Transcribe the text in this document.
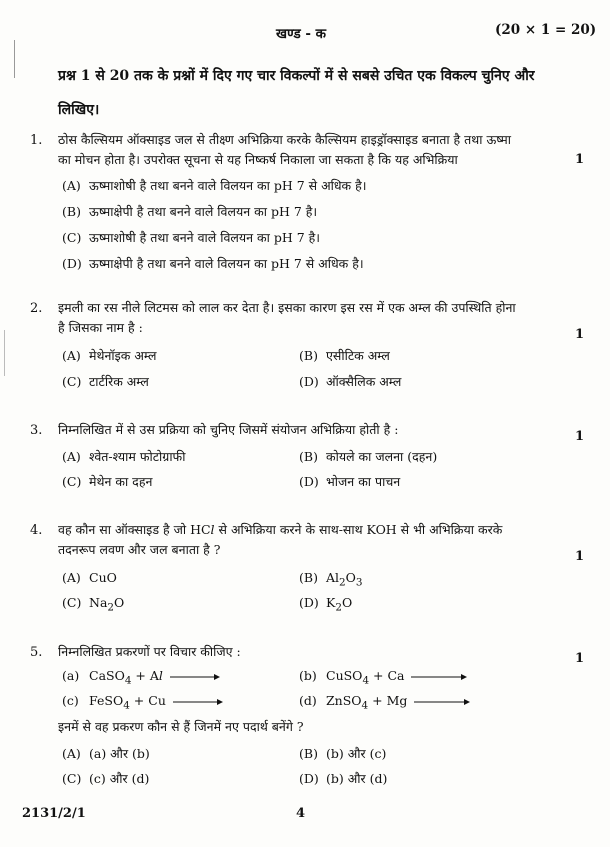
खण्ड - क	(20 × 1 = 20)
प्रश्न 1 से 20 तक के प्रश्नों में दिए गए चार विकल्पों में से सबसे उचित एक विकल्प चुनिए और
लिखिए।
1. ठोस कैल्सियम ऑक्साइड जल से तीक्ष्ण अभिक्रिया करके कैल्सियम हाइड्रॉक्साइड बनाता है तथा ऊष्मा
का मोचन होता है। उपरोक्त सूचना से यह निष्कर्ष निकाला जा सकता है कि यह अभिक्रिया	1
(A) ऊष्माशोषी है तथा बनने वाले विलयन का pH 7 से अधिक है।
(B) ऊष्माक्षेपी है तथा बनने वाले विलयन का pH 7 है।
(C) ऊष्माशोषी है तथा बनने वाले विलयन का pH 7 है।
(D) ऊष्माक्षेपी है तथा बनने वाले विलयन का pH 7 से अधिक है।
2. इमली का रस नीले लिटमस को लाल कर देता है। इसका कारण इस रस में एक अम्ल की उपस्थिति होना
है जिसका नाम है :	1
(A) मेथेनॉइक अम्ल	(B) एसीटिक अम्ल
(C) टार्टरिक अम्ल	(D) ऑक्सैलिक अम्ल
3. निम्नलिखित में से उस प्रक्रिया को चुनिए जिसमें संयोजन अभिक्रिया होती है :	1
(A) श्वेत-श्याम फोटोग्राफी	(B) कोयले का जलना (दहन)
(C) मेथेन का दहन	(D) भोजन का पाचन
4. वह कौन सा ऑक्साइड है जो HCl से अभिक्रिया करने के साथ-साथ KOH से भी अभिक्रिया करके
तदनरूप लवण और जल बनाता है ?	1
(A) CuO	(B) $Al_2O_3$
(C) $Na_2O$	(D) $K_2O$
5. निम्नलिखित प्रकरणों पर विचार कीजिए :	1
(a) CaSO$_4$ + Al →	(b) CuSO$_4$ + Ca
(c) FeSO$_4$ + Cu →	(d) ZnSO$_4$ + Mg
इनमें से वह प्रकरण कौन से हैं जिनमें नए पदार्थ बनेंगे ?
(A) (a) और (b)	(B) (b) और (c)
(C) (c) और (d)	(D) (b) और (d)
2131/2/1	4
